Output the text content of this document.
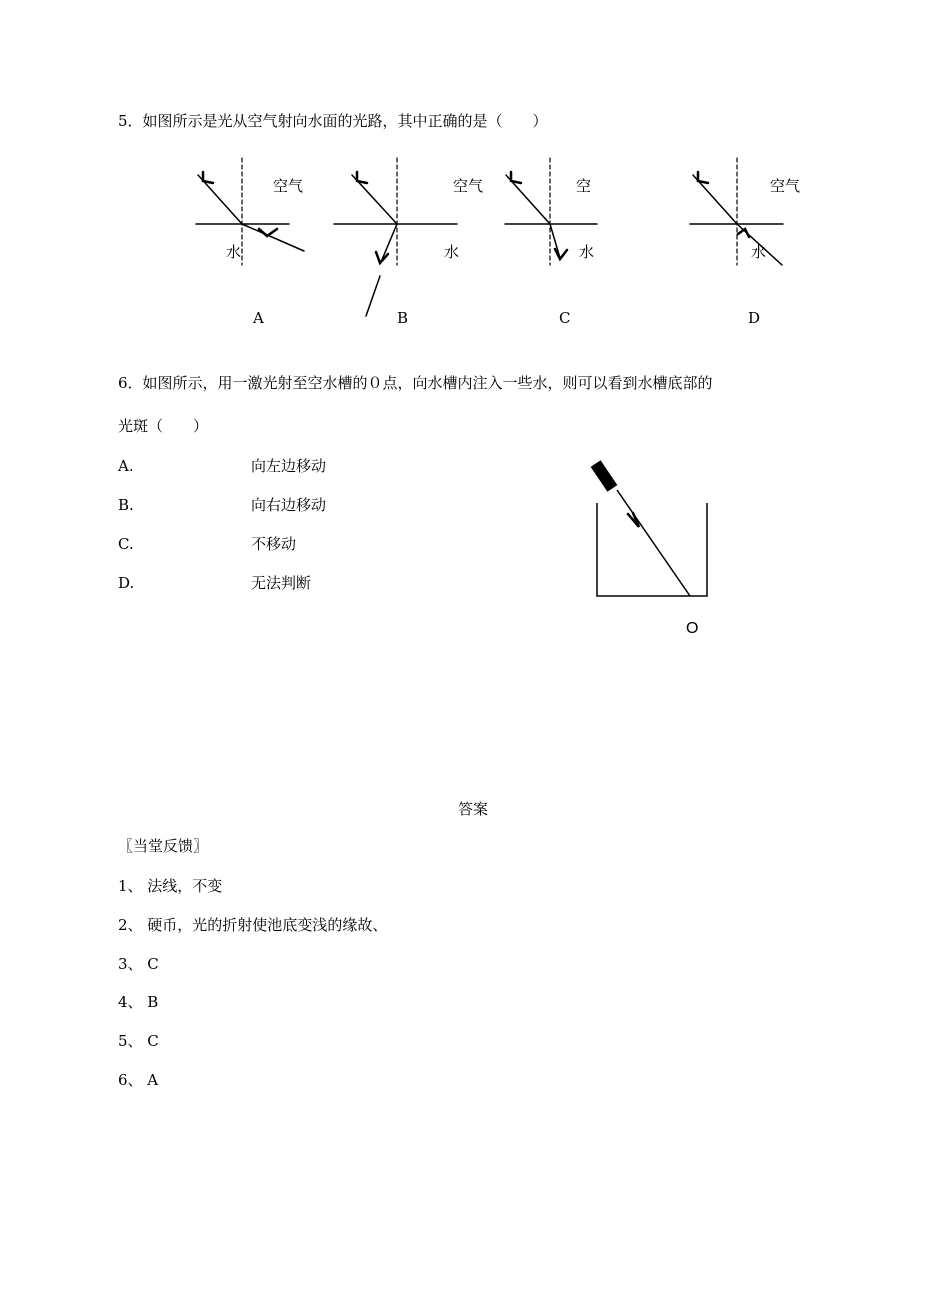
5．如图所示是光从空气射向水面的光路，其中正确的是（　　）
空气
水
A
空气
水
B
空
水
C
空气
水
D
6．如图所示，用一激光射至空水槽的０点，向水槽内注入一些水，则可以看到水槽底部的
光斑（　　）
A.	向左边移动
B.	向右边移动
C.	不移动
D.	无法判断
O
答案
〖当堂反馈〗
1、 法线，不变
2、 硬币，光的折射使池底变浅的缘故、
3、 C
4、 B
5、 C
6、 A
